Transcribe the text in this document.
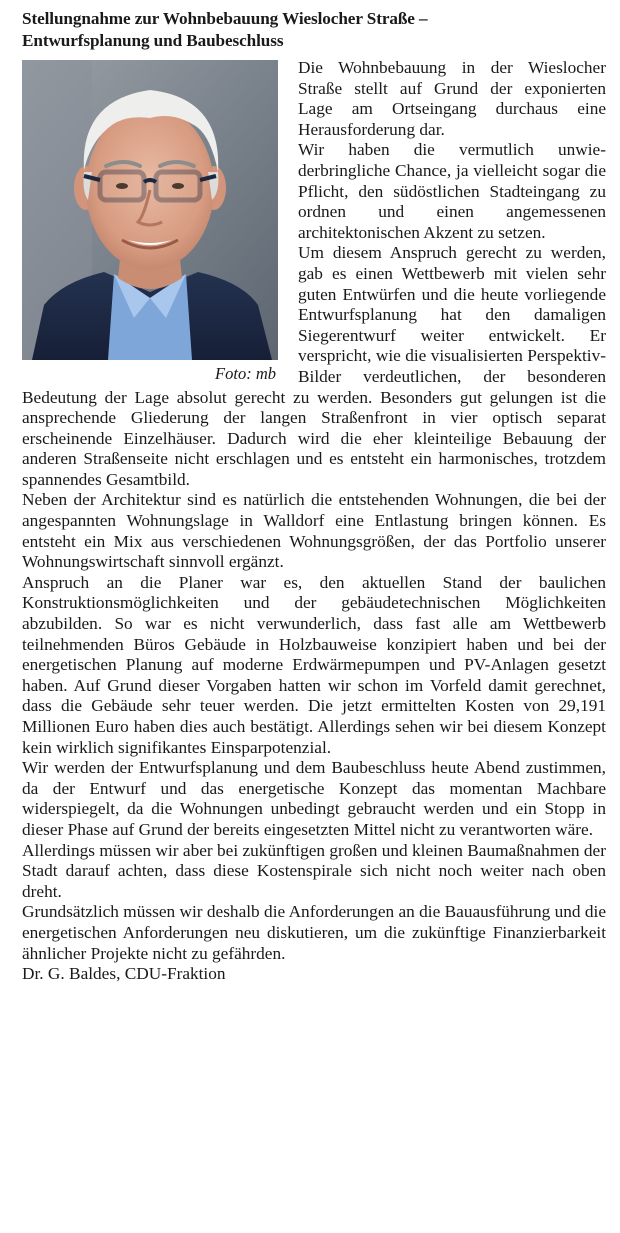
Stellungnahme zur Wohnbebauung Wieslocher Straße –
Entwurfsplanung und Baubeschluss
Foto: mb

Die Wohnbebauung in der Wieslocher Straße stellt auf Grund der exponierten Lage am Ortseingang durchaus eine Herausforderung dar.

Wir haben die vermutlich unwiederbringliche Chance, ja vielleicht sogar die Pflicht, den südöstlichen Stadteingang zu ordnen und einen angemessenen architektonischen Akzent zu setzen.

Um diesem Anspruch gerecht zu werden, gab es einen Wettbewerb mit vielen sehr guten Entwürfen und die heute vorliegende Entwurfsplanung hat den damaligen Siegerentwurf weiter entwickelt. Er verspricht, wie die visualisierten Perspektiv-Bilder verdeutlichen, der besonderen Bedeutung der Lage absolut gerecht zu werden. Besonders gut gelungen ist die ansprechende Gliederung der langen Straßenfront in vier optisch separat erscheinende Einzelhäuser. Dadurch wird die eher kleinteilige Bebauung der anderen Straßenseite nicht erschlagen und es entsteht ein harmonisches, trotzdem spannendes Gesamtbild.

Neben der Architektur sind es natürlich die entstehenden Wohnungen, die bei der angespannten Wohnungslage in Walldorf eine Entlastung bringen können. Es entsteht ein Mix aus verschiedenen Wohnungsgrößen, der das Portfolio unserer Wohnungswirtschaft sinnvoll ergänzt.

Anspruch an die Planer war es, den aktuellen Stand der baulichen Konstruktionsmöglichkeiten und der gebäudetechnischen Möglichkeiten abzubilden. So war es nicht verwunderlich, dass fast alle am Wettbewerb teilnehmenden Büros Gebäude in Holzbauweise konzipiert haben und bei der energetischen Planung auf moderne Erdwärmepumpen und PV-Anlagen gesetzt haben. Auf Grund dieser Vorgaben hatten wir schon im Vorfeld damit gerechnet, dass die Gebäude sehr teuer werden. Die jetzt ermittelten Kosten von 29,191 Millionen Euro haben dies auch bestätigt. Allerdings sehen wir bei diesem Konzept kein wirklich signifikantes Einsparpotenzial.

Wir werden der Entwurfsplanung und dem Baubeschluss heute Abend zustimmen, da der Entwurf und das energetische Konzept das momentan Machbare widerspiegelt, da die Wohnungen unbedingt gebraucht werden und ein Stopp in dieser Phase auf Grund der bereits eingesetzten Mittel nicht zu verantworten wäre.

Allerdings müssen wir aber bei zukünftigen großen und kleinen Baumaßnahmen der Stadt darauf achten, dass diese Kostenspirale sich nicht noch weiter nach oben dreht.

Grundsätzlich müssen wir deshalb die Anforderungen an die Bauausführung und die energetischen Anforderungen neu diskutieren, um die zukünftige Finanzierbarkeit ähnlicher Projekte nicht zu gefährden.

Dr. G. Baldes, CDU-Fraktion
